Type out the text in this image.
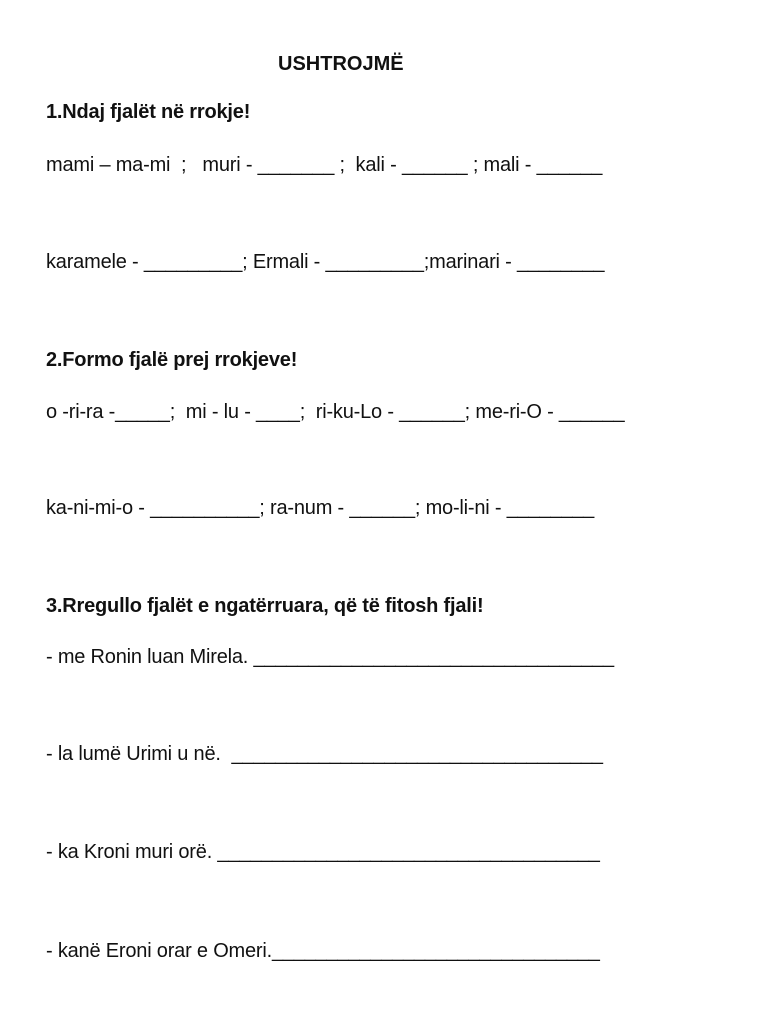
USHTROJMË
1.Ndaj fjalët në rrokje!
mami – ma-mi  ;   muri - _______ ;  kali - ______ ; mali - ______
karamele - _________; Ermali - _________;marinari - ________
2.Formo fjalë prej rrokjeve!
o -ri-ra -_____;  mi - lu - ____;  ri-ku-Lo - ______; me-ri-O - ______
ka-ni-mi-o - __________; ra-num - ______; mo-li-ni - ________
3.Rregullo fjalët e ngatërruara, që të fitosh fjali!
- me Ronin luan Mirela. _________________________________
- la lumë Urimi u në.  __________________________________
- ka Kroni muri orë. ___________________________________
- kanë Eroni orar e Omeri.______________________________
